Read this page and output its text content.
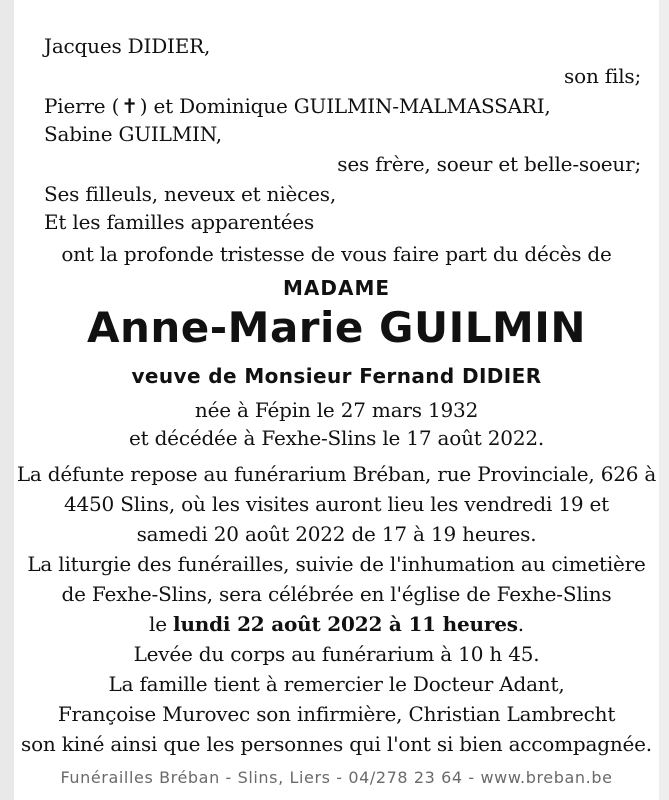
Jacques DIDIER,
son fils;
Pierre ( ✝ ) et Dominique GUILMIN-MALMASSARI,
Sabine GUILMIN,
ses frère, soeur et belle-soeur;
Ses filleuls, neveux et nièces,
Et les familles apparentées
ont la profonde tristesse de vous faire part du décès de
MADAME
Anne-Marie GUILMIN
veuve de Monsieur Fernand DIDIER
née à Fépin le 27 mars 1932
et décédée à Fexhe-Slins le 17 août 2022.
La défunte repose au funérarium Bréban, rue Provinciale, 626 à
4450 Slins, où les visites auront lieu les vendredi 19 et
samedi 20 août 2022 de 17 à 19 heures.
La liturgie des funérailles, suivie de l'inhumation au cimetière
de Fexhe-Slins, sera célébrée en l'église de Fexhe-Slins
le lundi 22 août 2022 à 11 heures.
Levée du corps au funérarium à 10 h 45.
La famille tient à remercier le Docteur Adant,
Françoise Murovec son infirmière, Christian Lambrecht
son kiné ainsi que les personnes qui l'ont si bien accompagnée.
Funérailles Bréban - Slins, Liers - 04/278 23 64 - www.breban.be
